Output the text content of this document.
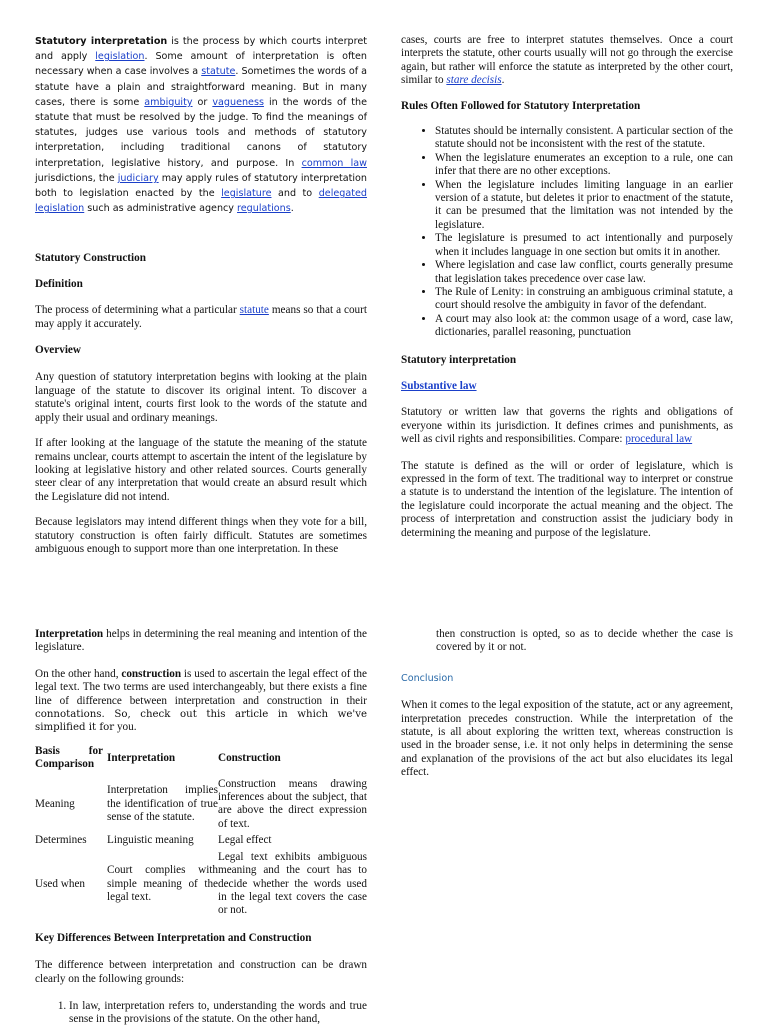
Statutory interpretation is the process by which courts interpret and apply legislation. Some amount of interpretation is often necessary when a case involves a statute. Sometimes the words of a statute have a plain and straightforward meaning. But in many cases, there is some ambiguity or vagueness in the words of the statute that must be resolved by the judge. To find the meanings of statutes, judges use various tools and methods of statutory interpretation, including traditional canons of statutory interpretation, legislative history, and purpose. In common law jurisdictions, the judiciary may apply rules of statutory interpretation both to legislation enacted by the legislature and to delegated legislation such as administrative agency regulations.

Statutory Construction
Definition

The process of determining what a particular statute means so that a court may apply it accurately.

Overview

Any question of statutory interpretation begins with looking at the plain language of the statute to discover its original intent. To discover a statute's original intent, courts first look to the words of the statute and apply their usual and ordinary meanings.

If after looking at the language of the statute the meaning of the statute remains unclear, courts attempt to ascertain the intent of the legislature by looking at legislative history and other related sources. Courts generally steer clear of any interpretation that would create an absurd result which the Legislature did not intend.

Because legislators may intend different things when they vote for a bill, statutory construction is often fairly difficult. Statutes are sometimes ambiguous enough to support more than one interpretation. In these

cases, courts are free to interpret statutes themselves. Once a court interprets the statute, other courts usually will not go through the exercise again, but rather will enforce the statute as interpreted by the other court, similar to stare decisis.

Rules Often Followed for Statutory Interpretation
• Statutes should be internally consistent. A particular section of the statute should not be inconsistent with the rest of the statute.
• When the legislature enumerates an exception to a rule, one can infer that there are no other exceptions.
• When the legislature includes limiting language in an earlier version of a statute, but deletes it prior to enactment of the statute, it can be presumed that the limitation was not intended by the legislature.
• The legislature is presumed to act intentionally and purposely when it includes language in one section but omits it in another.
• Where legislation and case law conflict, courts generally presume that legislation takes precedence over case law.
• The Rule of Lenity: in construing an ambiguous criminal statute, a court should resolve the ambiguity in favor of the defendant.
• A court may also look at: the common usage of a word, case law, dictionaries, parallel reasoning, punctuation
Statutory interpretation
Substantive law

Statutory or written law that governs the rights and obligations of everyone within its jurisdiction. It defines crimes and punishments, as well as civil rights and responsibilities. Compare: procedural law

The statute is defined as the will or order of legislature, which is expressed in the form of text. The traditional way to interpret or construe a statute is to understand the intention of the legislature. The intention of the legislature could incorporate the actual meaning and the object. The process of interpretation and construction assist the judiciary body in determining the meaning and purpose of the legislature.

Interpretation helps in determining the real meaning and intention of the legislature.

On the other hand, construction is used to ascertain the legal effect of the legal text. The two terms are used interchangeably, but there exists a fine line of difference between interpretation and construction in their connotations. So, check out this article in which we've simplified it for you.

Basis for Comparison	Interpretation	Construction
Meaning	Interpretation implies the identification of true sense of the statute.	Construction means drawing inferences about the subject, that are above the direct expression of text.
Determines	Linguistic meaning	Legal effect
Used when	Court complies with simple meaning of the legal text.	Legal text exhibits ambiguous meaning and the court has to decide whether the words used in the legal text covers the case or not.
Key Differences Between Interpretation and Construction

The difference between interpretation and construction can be drawn clearly on the following grounds:

1. In law, interpretation refers to, understanding the words and true sense in the provisions of the statute. On the other hand,

then construction is opted, so as to decide whether the case is covered by it or not.

Conclusion

When it comes to the legal exposition of the statute, act or any agreement, interpretation precedes construction. While the interpretation of the statute, is all about exploring the written text, whereas construction is used in the broader sense, i.e. it not only helps in determining the sense and explanation of the provisions of the act but also elucidates its legal effect.
